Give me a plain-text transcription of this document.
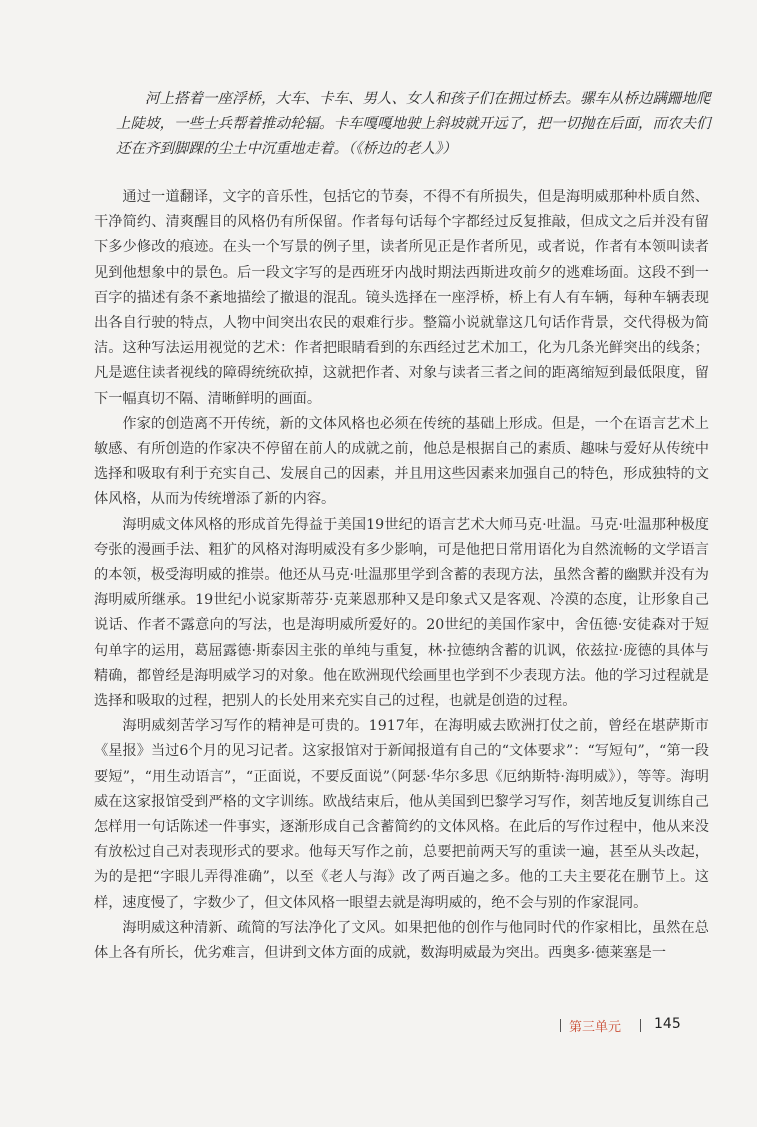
河上搭着一座浮桥，大车、卡车、男人、女人和孩子们在拥过桥去。骡车从桥边蹒跚地爬上陡坡，一些士兵帮着推动轮辐。卡车嘎嘎地驶上斜坡就开远了，把一切抛在后面，而农夫们还在齐到脚踝的尘土中沉重地走着。（《桥边的老人》）

通过一道翻译，文字的音乐性，包括它的节奏，不得不有所损失，但是海明威那种朴质自然、干净简约、清爽醒目的风格仍有所保留。作者每句话每个字都经过反复推敲，但成文之后并没有留下多少修改的痕迹。在头一个写景的例子里，读者所见正是作者所见，或者说，作者有本领叫读者见到他想象中的景色。后一段文字写的是西班牙内战时期法西斯进攻前夕的逃难场面。这段不到一百字的描述有条不紊地描绘了撤退的混乱。镜头选择在一座浮桥，桥上有人有车辆，每种车辆表现出各自行驶的特点，人物中间突出农民的艰难行步。整篇小说就靠这几句话作背景，交代得极为简洁。这种写法运用视觉的艺术：作者把眼睛看到的东西经过艺术加工，化为几条光鲜突出的线条；凡是遮住读者视线的障碍统统砍掉，这就把作者、对象与读者三者之间的距离缩短到最低限度，留下一幅真切不隔、清晰鲜明的画面。

作家的创造离不开传统，新的文体风格也必须在传统的基础上形成。但是，一个在语言艺术上敏感、有所创造的作家决不停留在前人的成就之前，他总是根据自己的素质、趣味与爱好从传统中选择和吸取有利于充实自己、发展自己的因素，并且用这些因素来加强自己的特色，形成独特的文体风格，从而为传统增添了新的内容。

海明威文体风格的形成首先得益于美国19世纪的语言艺术大师马克·吐温。马克·吐温那种极度夸张的漫画手法、粗犷的风格对海明威没有多少影响，可是他把日常用语化为自然流畅的文学语言的本领，极受海明威的推崇。他还从马克·吐温那里学到含蓄的表现方法，虽然含蓄的幽默并没有为海明威所继承。19世纪小说家斯蒂芬·克莱恩那种又是印象式又是客观、冷漠的态度，让形象自己说话、作者不露意向的写法，也是海明威所爱好的。20世纪的美国作家中，舍伍德·安徒森对于短句单字的运用，葛屈露德·斯泰因主张的单纯与重复，林·拉德纳含蓄的讥讽，依兹拉·庞德的具体与精确，都曾经是海明威学习的对象。他在欧洲现代绘画里也学到不少表现方法。他的学习过程就是选择和吸取的过程，把别人的长处用来充实自己的过程，也就是创造的过程。

海明威刻苦学习写作的精神是可贵的。1917年，在海明威去欧洲打仗之前，曾经在堪萨斯市《星报》当过6个月的见习记者。这家报馆对于新闻报道有自己的“文体要求”：“写短句”，“第一段要短”，“用生动语言”，“正面说，不要反面说”（阿瑟·华尔多思《厄纳斯特·海明威》），等等。海明威在这家报馆受到严格的文字训练。欧战结束后，他从美国到巴黎学习写作，刻苦地反复训练自己怎样用一句话陈述一件事实，逐渐形成自己含蓄简约的文体风格。在此后的写作过程中，他从来没有放松过自己对表现形式的要求。他每天写作之前，总要把前两天写的重读一遍，甚至从头改起，为的是把“字眼儿弄得准确”，以至《老人与海》改了两百遍之多。他的工夫主要花在删节上。这样，速度慢了，字数少了，但文体风格一眼望去就是海明威的，绝不会与别的作家混同。

海明威这种清新、疏简的写法净化了文风。如果把他的创作与他同时代的作家相比，虽然在总体上各有所长，优劣难言，但讲到文体方面的成就，数海明威最为突出。西奥多·德莱塞是一

第三单元 145
